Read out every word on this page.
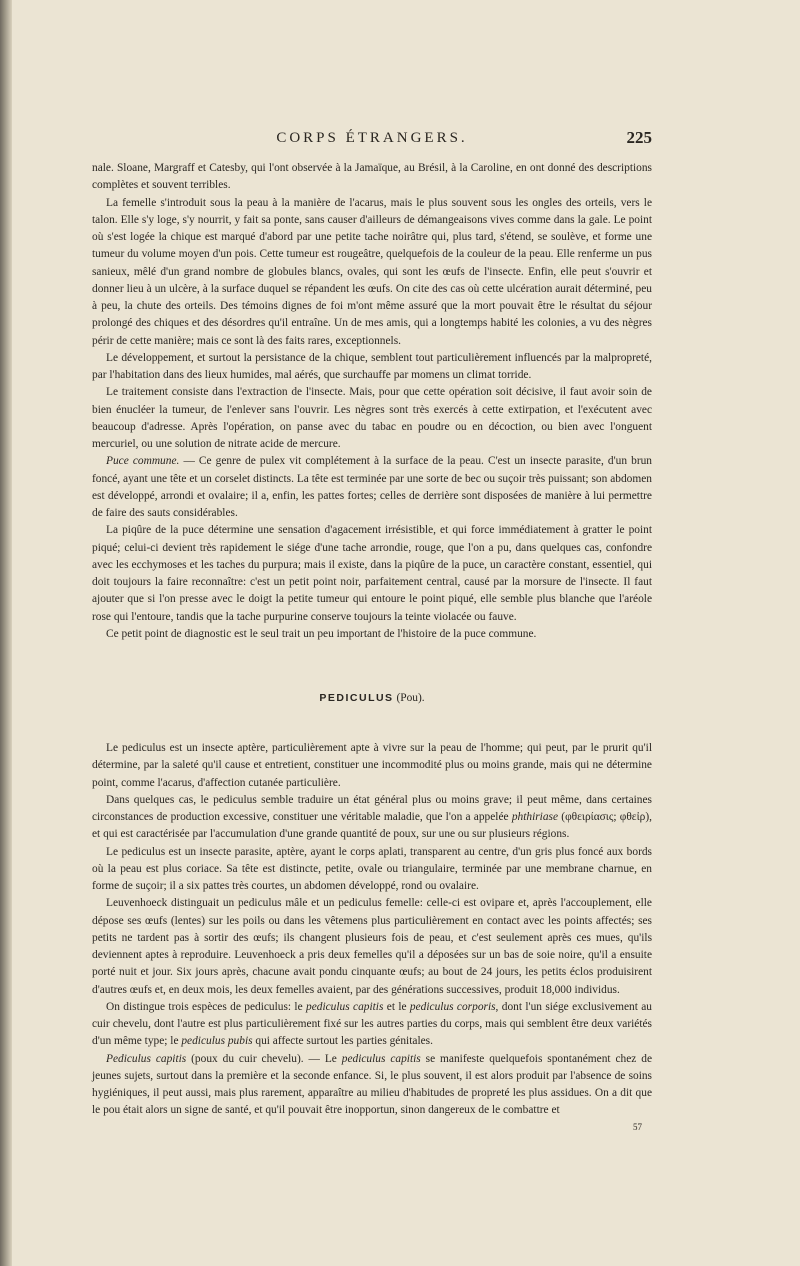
CORPS ÉTRANGERS.	225

nale. Sloane, Margraff et Catesby, qui l'ont observée à la Jamaïque, au Brésil, à la Caroline, en ont donné des descriptions complètes et souvent terribles.

La femelle s'introduit sous la peau à la manière de l'acarus, mais le plus souvent sous les ongles des orteils, vers le talon. Elle s'y loge, s'y nourrit, y fait sa ponte, sans causer d'ailleurs de démangeaisons vives comme dans la gale. Le point où s'est logée la chique est marqué d'abord par une petite tache noirâtre qui, plus tard, s'étend, se soulève, et forme une tumeur du volume moyen d'un pois. Cette tumeur est rougeâtre, quelquefois de la couleur de la peau. Elle renferme un pus sanieux, mêlé d'un grand nombre de globules blancs, ovales, qui sont les œufs de l'insecte. Enfin, elle peut s'ouvrir et donner lieu à un ulcère, à la surface duquel se répandent les œufs. On cite des cas où cette ulcération aurait déterminé, peu à peu, la chute des orteils. Des témoins dignes de foi m'ont même assuré que la mort pouvait être le résultat du séjour prolongé des chiques et des désordres qu'il entraîne. Un de mes amis, qui a longtemps habité les colonies, a vu des nègres périr de cette manière; mais ce sont là des faits rares, exceptionnels.

Le développement, et surtout la persistance de la chique, semblent tout particulièrement influencés par la malpropreté, par l'habitation dans des lieux humides, mal aérés, que surchauffe par momens un climat torride.

Le traitement consiste dans l'extraction de l'insecte. Mais, pour que cette opération soit décisive, il faut avoir soin de bien énucléer la tumeur, de l'enlever sans l'ouvrir. Les nègres sont très exercés à cette extirpation, et l'exécutent avec beaucoup d'adresse. Après l'opération, on panse avec du tabac en poudre ou en décoction, ou bien avec l'onguent mercuriel, ou une solution de nitrate acide de mercure.

Puce commune. — Ce genre de pulex vit complétement à la surface de la peau. C'est un insecte parasite, d'un brun foncé, ayant une tête et un corselet distincts. La tête est terminée par une sorte de bec ou suçoir très puissant; son abdomen est développé, arrondi et ovalaire; il a, enfin, les pattes fortes; celles de derrière sont disposées de manière à lui permettre de faire des sauts considérables.

La piqûre de la puce détermine une sensation d'agacement irrésistible, et qui force immédiatement à gratter le point piqué; celui-ci devient très rapidement le siége d'une tache arrondie, rouge, que l'on a pu, dans quelques cas, confondre avec les ecchymoses et les taches du purpura; mais il existe, dans la piqûre de la puce, un caractère constant, essentiel, qui doit toujours la faire reconnaître: c'est un petit point noir, parfaitement central, causé par la morsure de l'insecte. Il faut ajouter que si l'on presse avec le doigt la petite tumeur qui entoure le point piqué, elle semble plus blanche que l'aréole rose qui l'entoure, tandis que la tache purpurine conserve toujours la teinte violacée ou fauve.

Ce petit point de diagnostic est le seul trait un peu important de l'histoire de la puce commune.

PEDICULUS (Pou).

Le pediculus est un insecte aptère, particulièrement apte à vivre sur la peau de l'homme; qui peut, par le prurit qu'il détermine, par la saleté qu'il cause et entretient, constituer une incommodité plus ou moins grande, mais qui ne détermine point, comme l'acarus, d'affection cutanée particulière.

Dans quelques cas, le pediculus semble traduire un état général plus ou moins grave; il peut même, dans certaines circonstances de production excessive, constituer une véritable maladie, que l'on a appelée phthiriase (φθειρίασις; φθεἰρ), et qui est caractérisée par l'accumulation d'une grande quantité de poux, sur une ou sur plusieurs régions.

Le pediculus est un insecte parasite, aptère, ayant le corps aplati, transparent au centre, d'un gris plus foncé aux bords où la peau est plus coriace. Sa tête est distincte, petite, ovale ou triangulaire, terminée par une membrane charnue, en forme de suçoir; il a six pattes très courtes, un abdomen développé, rond ou ovalaire.

Leuvenhoeck distinguait un pediculus mâle et un pediculus femelle: celle-ci est ovipare et, après l'accouplement, elle dépose ses œufs (lentes) sur les poils ou dans les vêtemens plus particulièrement en contact avec les points affectés; ses petits ne tardent pas à sortir des œufs; ils changent plusieurs fois de peau, et c'est seulement après ces mues, qu'ils deviennent aptes à reproduire. Leuvenhoeck a pris deux femelles qu'il a déposées sur un bas de soie noire, qu'il a ensuite porté nuit et jour. Six jours après, chacune avait pondu cinquante œufs; au bout de 24 jours, les petits éclos produisirent d'autres œufs et, en deux mois, les deux femelles avaient, par des générations successives, produit 18,000 individus.

On distingue trois espèces de pediculus: le pediculus capitis et le pediculus corporis, dont l'un siége exclusivement au cuir chevelu, dont l'autre est plus particulièrement fixé sur les autres parties du corps, mais qui semblent être deux variétés d'un même type; le pediculus pubis qui affecte surtout les parties génitales.

Pediculus capitis (poux du cuir chevelu). — Le pediculus capitis se manifeste quelquefois spontanément chez de jeunes sujets, surtout dans la première et la seconde enfance. Si, le plus souvent, il est alors produit par l'absence de soins hygiéniques, il peut aussi, mais plus rarement, apparaître au milieu d'habitudes de propreté les plus assidues. On a dit que le pou était alors un signe de santé, et qu'il pouvait être inopportun, sinon dangereux de le combattre et

57
